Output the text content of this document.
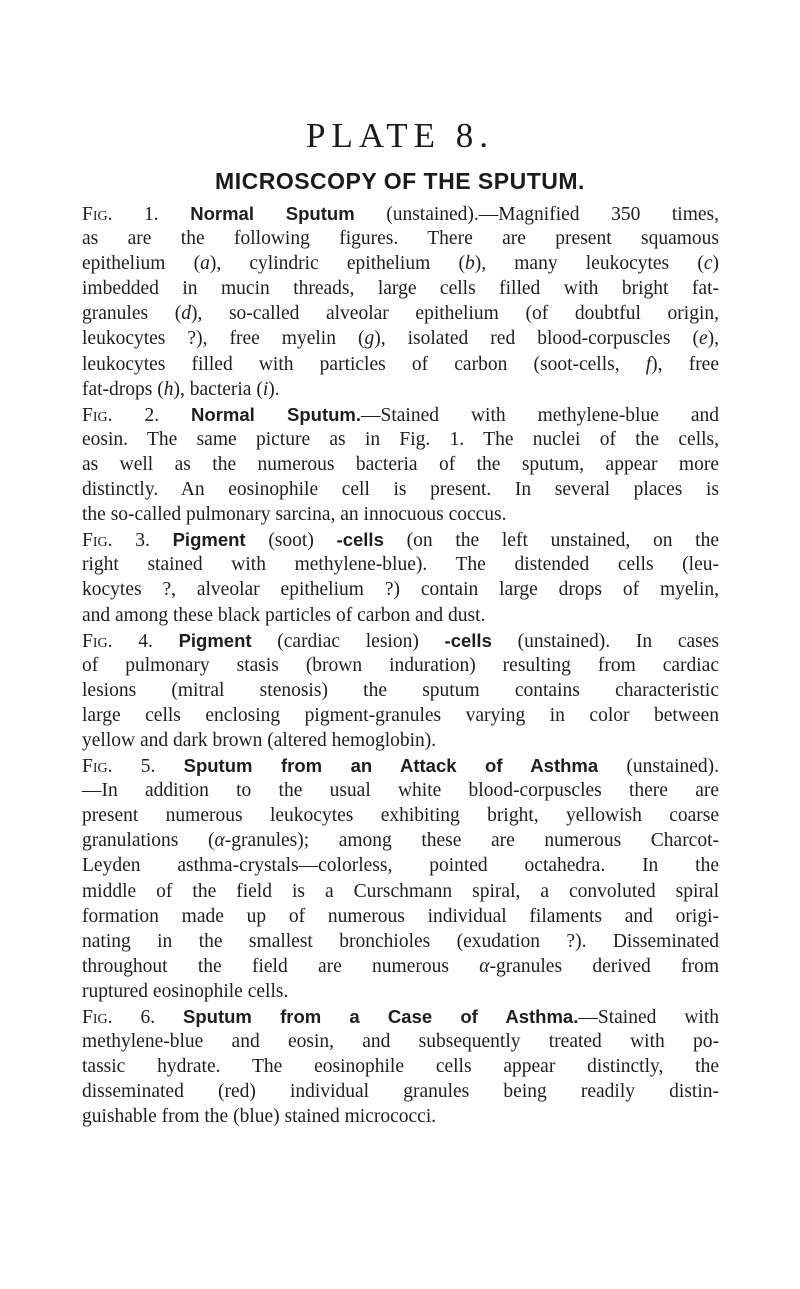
PLATE 8.
MICROSCOPY OF THE SPUTUM.
Fig. 1. Normal Sputum (unstained).—Magnified 350 times,
as are the following figures. There are present squamous
epithelium (a), cylindric epithelium (b), many leukocytes (c)
imbedded in mucin threads, large cells filled with bright fat-
granules (d), so-called alveolar epithelium (of doubtful origin,
leukocytes ?), free myelin (g), isolated red blood-corpuscles (e),
leukocytes filled with particles of carbon (soot-cells, f), free
fat-drops (h), bacteria (i).
Fig. 2. Normal Sputum.—Stained with methylene-blue and
eosin. The same picture as in Fig. 1. The nuclei of the cells,
as well as the numerous bacteria of the sputum, appear more
distinctly. An eosinophile cell is present. In several places is
the so-called pulmonary sarcina, an innocuous coccus.
Fig. 3. Pigment (soot) -cells (on the left unstained, on the
right stained with methylene-blue). The distended cells (leu-
kocytes ?, alveolar epithelium ?) contain large drops of myelin,
and among these black particles of carbon and dust.
Fig. 4. Pigment (cardiac lesion) -cells (unstained). In cases
of pulmonary stasis (brown induration) resulting from cardiac
lesions (mitral stenosis) the sputum contains characteristic
large cells enclosing pigment-granules varying in color between
yellow and dark brown (altered hemoglobin).
Fig. 5. Sputum from an Attack of Asthma (unstained).
—In addition to the usual white blood-corpuscles there are
present numerous leukocytes exhibiting bright, yellowish coarse
granulations (α-granules); among these are numerous Charcot-
Leyden asthma-crystals—colorless, pointed octahedra. In the
middle of the field is a Curschmann spiral, a convoluted spiral
formation made up of numerous individual filaments and origi-
nating in the smallest bronchioles (exudation ?). Disseminated
throughout the field are numerous α-granules derived from
ruptured eosinophile cells.
Fig. 6. Sputum from a Case of Asthma.—Stained with
methylene-blue and eosin, and subsequently treated with po-
tassic hydrate. The eosinophile cells appear distinctly, the
disseminated (red) individual granules being readily distin-
guishable from the (blue) stained micrococci.
